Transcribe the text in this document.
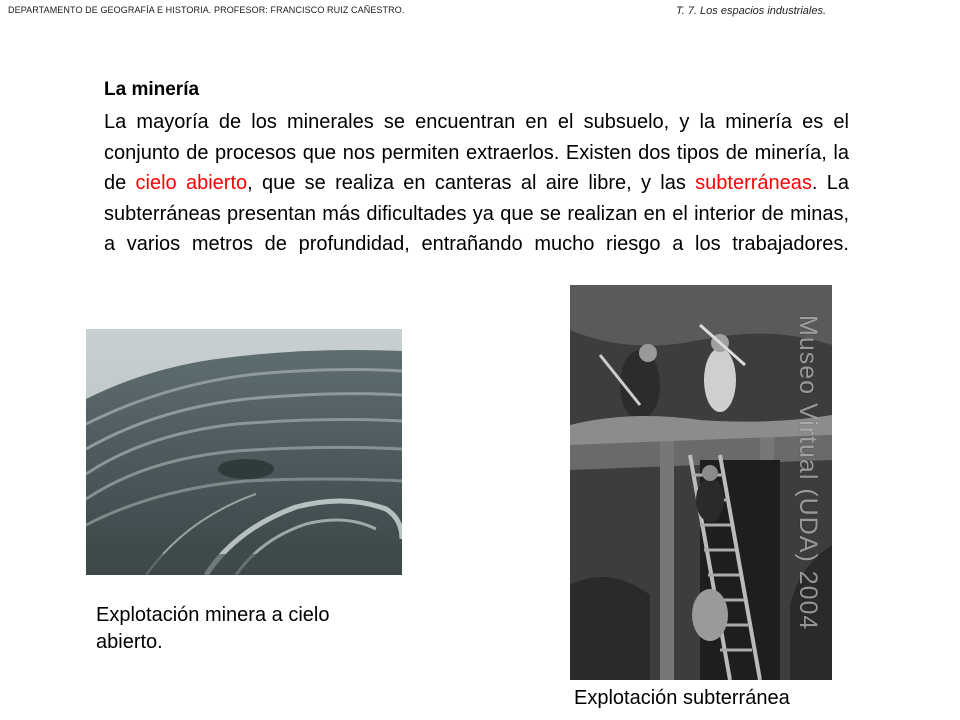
DEPARTAMENTO DE GEOGRAFÍA E HISTORIA. PROFESOR: FRANCISCO RUIZ CAÑESTRO.	T. 7. Los espacios industriales.
La minería
La mayoría de los minerales se encuentran en el subsuelo, y la minería es el conjunto de procesos que nos permiten extraerlos. Existen dos tipos de minería, la de cielo abierto, que se realiza en canteras al aire libre, y las subterráneas. La subterráneas presentan más dificultades ya que se realizan en el interior de minas, a varios metros de profundidad, entrañando mucho riesgo a los trabajadores.
Museo Virtual (UDA) 2004
Explotación minera a cielo abierto.
Explotación subterránea
